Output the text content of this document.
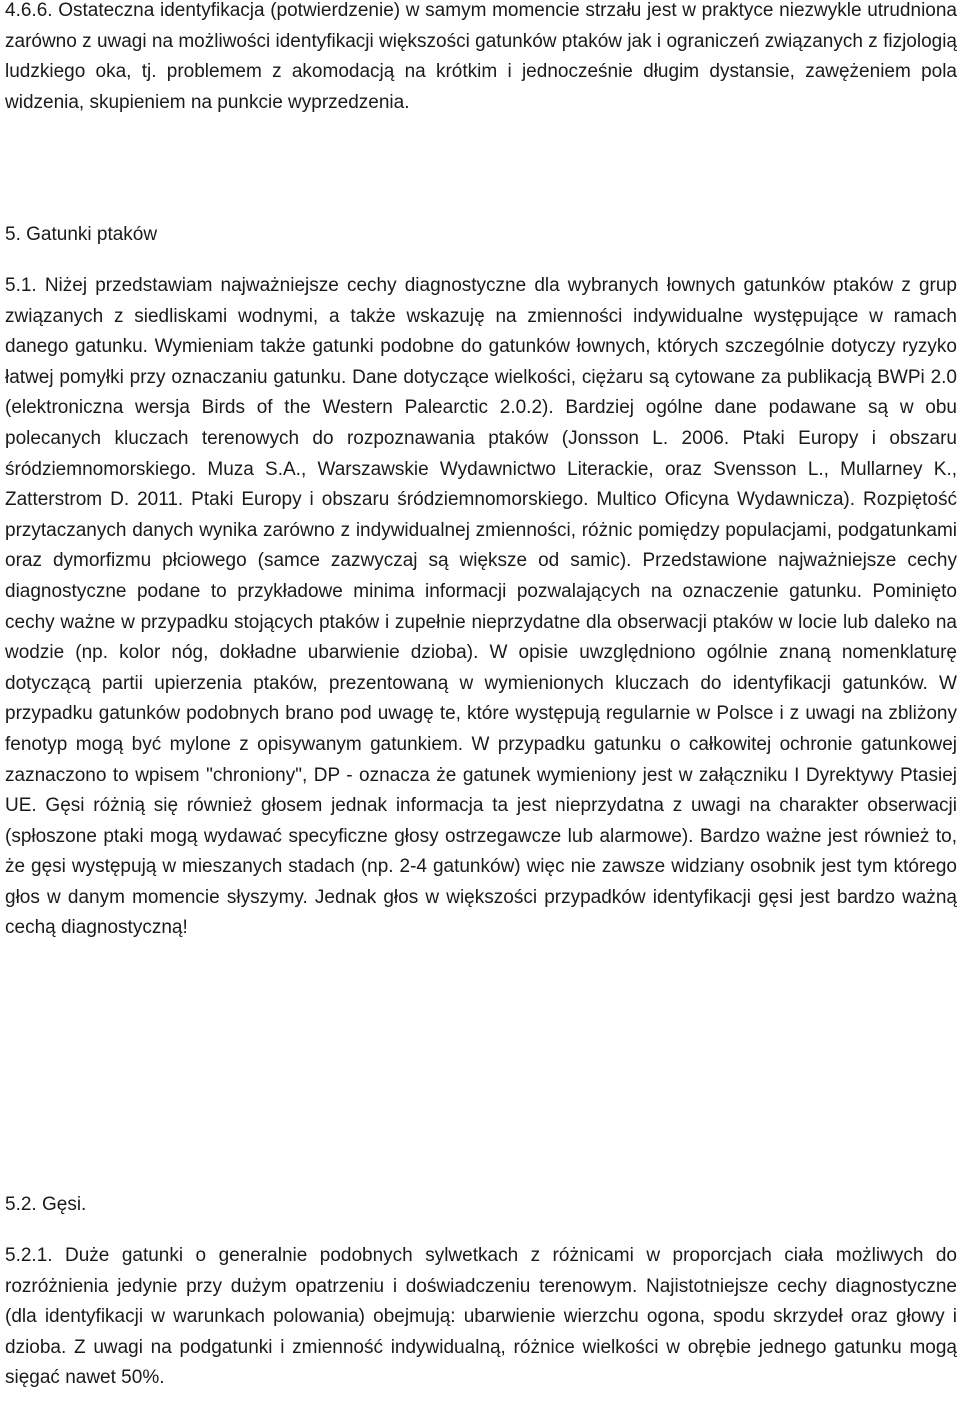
4.6.6. Ostateczna identyfikacja (potwierdzenie) w samym momencie strzału jest w praktyce niezwykle utrudniona zarówno z uwagi na możliwości identyfikacji większości gatunków ptaków jak i ograniczeń związanych z fizjologią ludzkiego oka, tj. problemem z akomodacją na krótkim i jednocześnie długim dystansie, zawężeniem pola widzenia, skupieniem na punkcie wyprzedzenia.

5. Gatunki ptaków

5.1. Niżej przedstawiam najważniejsze cechy diagnostyczne dla wybranych łownych gatunków ptaków z grup związanych z siedliskami wodnymi, a także wskazuję na zmienności indywidualne występujące w ramach danego gatunku. Wymieniam także gatunki podobne do gatunków łownych, których szczególnie dotyczy ryzyko łatwej pomyłki przy oznaczaniu gatunku. Dane dotyczące wielkości, ciężaru są cytowane za publikacją BWPi 2.0 (elektroniczna wersja Birds of the Western Palearctic 2.0.2). Bardziej ogólne dane podawane są w obu polecanych kluczach terenowych do rozpoznawania ptaków (Jonsson L. 2006. Ptaki Europy i obszaru śródziemnomorskiego. Muza S.A., Warszawskie Wydawnictwo Literackie, oraz Svensson L., Mullarney K., Zatterstrom D. 2011. Ptaki Europy i obszaru śródziemnomorskiego. Multico Oficyna Wydawnicza). Rozpiętość przytaczanych danych wynika zarówno z indywidualnej zmienności, różnic pomiędzy populacjami, podgatunkami oraz dymorfizmu płciowego (samce zazwyczaj są większe od samic). Przedstawione najważniejsze cechy diagnostyczne podane to przykładowe minima informacji pozwalających na oznaczenie gatunku. Pominięto cechy ważne w przypadku stojących ptaków i zupełnie nieprzydatne dla obserwacji ptaków w locie lub daleko na wodzie (np. kolor nóg, dokładne ubarwienie dzioba). W opisie uwzględniono ogólnie znaną nomenklaturę dotyczącą partii upierzenia ptaków, prezentowaną w wymienionych kluczach do identyfikacji gatunków. W przypadku gatunków podobnych brano pod uwagę te, które występują regularnie w Polsce i z uwagi na zbliżony fenotyp mogą być mylone z opisywanym gatunkiem. W przypadku gatunku o całkowitej ochronie gatunkowej zaznaczono to wpisem "chroniony", DP - oznacza że gatunek wymieniony jest w załączniku I Dyrektywy Ptasiej UE. Gęsi różnią się również głosem jednak informacja ta jest nieprzydatna z uwagi na charakter obserwacji (spłoszone ptaki mogą wydawać specyficzne głosy ostrzegawcze lub alarmowe). Bardzo ważne jest również to, że gęsi występują w mieszanych stadach (np. 2-4 gatunków) więc nie zawsze widziany osobnik jest tym którego głos w danym momencie słyszymy. Jednak głos w większości przypadków identyfikacji gęsi jest bardzo ważną cechą diagnostyczną!

5.2. Gęsi.

5.2.1. Duże gatunki o generalnie podobnych sylwetkach z różnicami w proporcjach ciała możliwych do rozróżnienia jedynie przy dużym opatrzeniu i doświadczeniu terenowym. Najistotniejsze cechy diagnostyczne (dla identyfikacji w warunkach polowania) obejmują: ubarwienie wierzchu ogona, spodu skrzydeł oraz głowy i dzioba. Z uwagi na podgatunki i zmienność indywidualną, różnice wielkości w obrębie jednego gatunku mogą sięgać nawet 50%.
